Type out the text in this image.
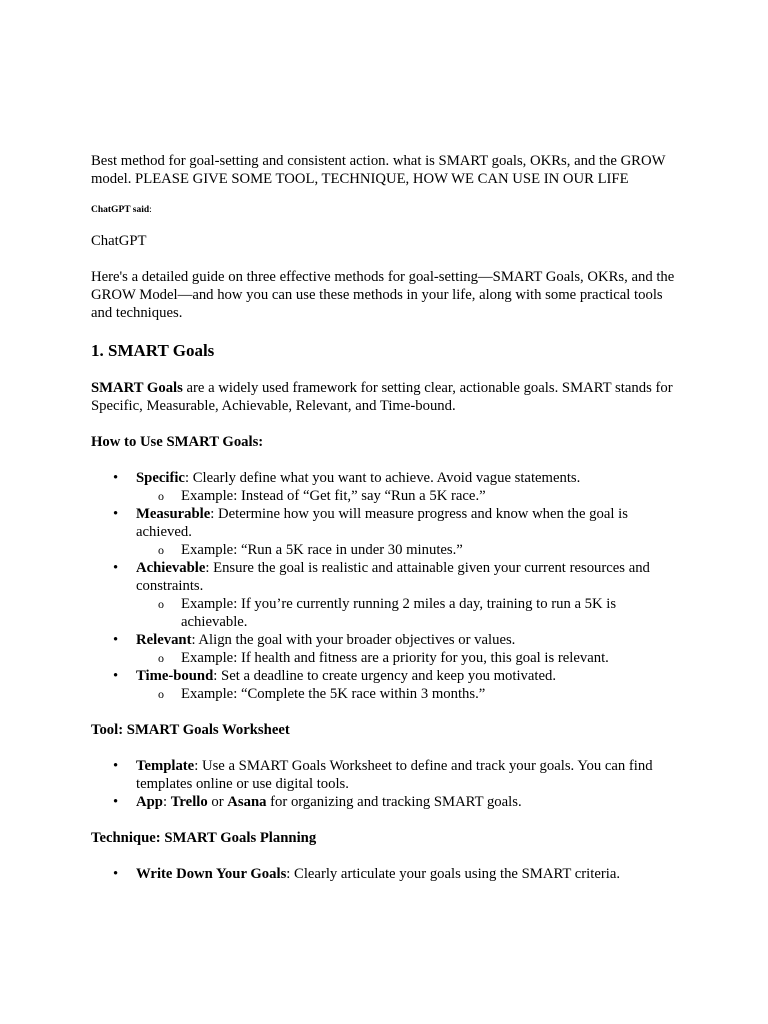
Best method for goal-setting and consistent action. what is SMART goals, OKRs, and the GROW model. PLEASE GIVE SOME TOOL, TECHNIQUE, HOW WE CAN USE IN OUR LIFE

ChatGPT said:

ChatGPT

Here's a detailed guide on three effective methods for goal-setting—SMART Goals, OKRs, and the GROW Model—and how you can use these methods in your life, along with some practical tools and techniques.

1. SMART Goals

SMART Goals are a widely used framework for setting clear, actionable goals. SMART stands for Specific, Measurable, Achievable, Relevant, and Time-bound.

How to Use SMART Goals:

• Specific: Clearly define what you want to achieve. Avoid vague statements.
o Example: Instead of “Get fit,” say “Run a 5K race.”
• Measurable: Determine how you will measure progress and know when the goal is achieved.
o Example: “Run a 5K race in under 30 minutes.”
• Achievable: Ensure the goal is realistic and attainable given your current resources and constraints.
o Example: If you’re currently running 2 miles a day, training to run a 5K is achievable.
• Relevant: Align the goal with your broader objectives or values.
o Example: If health and fitness are a priority for you, this goal is relevant.
• Time-bound: Set a deadline to create urgency and keep you motivated.
o Example: “Complete the 5K race within 3 months.”

Tool: SMART Goals Worksheet

• Template: Use a SMART Goals Worksheet to define and track your goals. You can find templates online or use digital tools.
• App: Trello or Asana for organizing and tracking SMART goals.

Technique: SMART Goals Planning

• Write Down Your Goals: Clearly articulate your goals using the SMART criteria.
